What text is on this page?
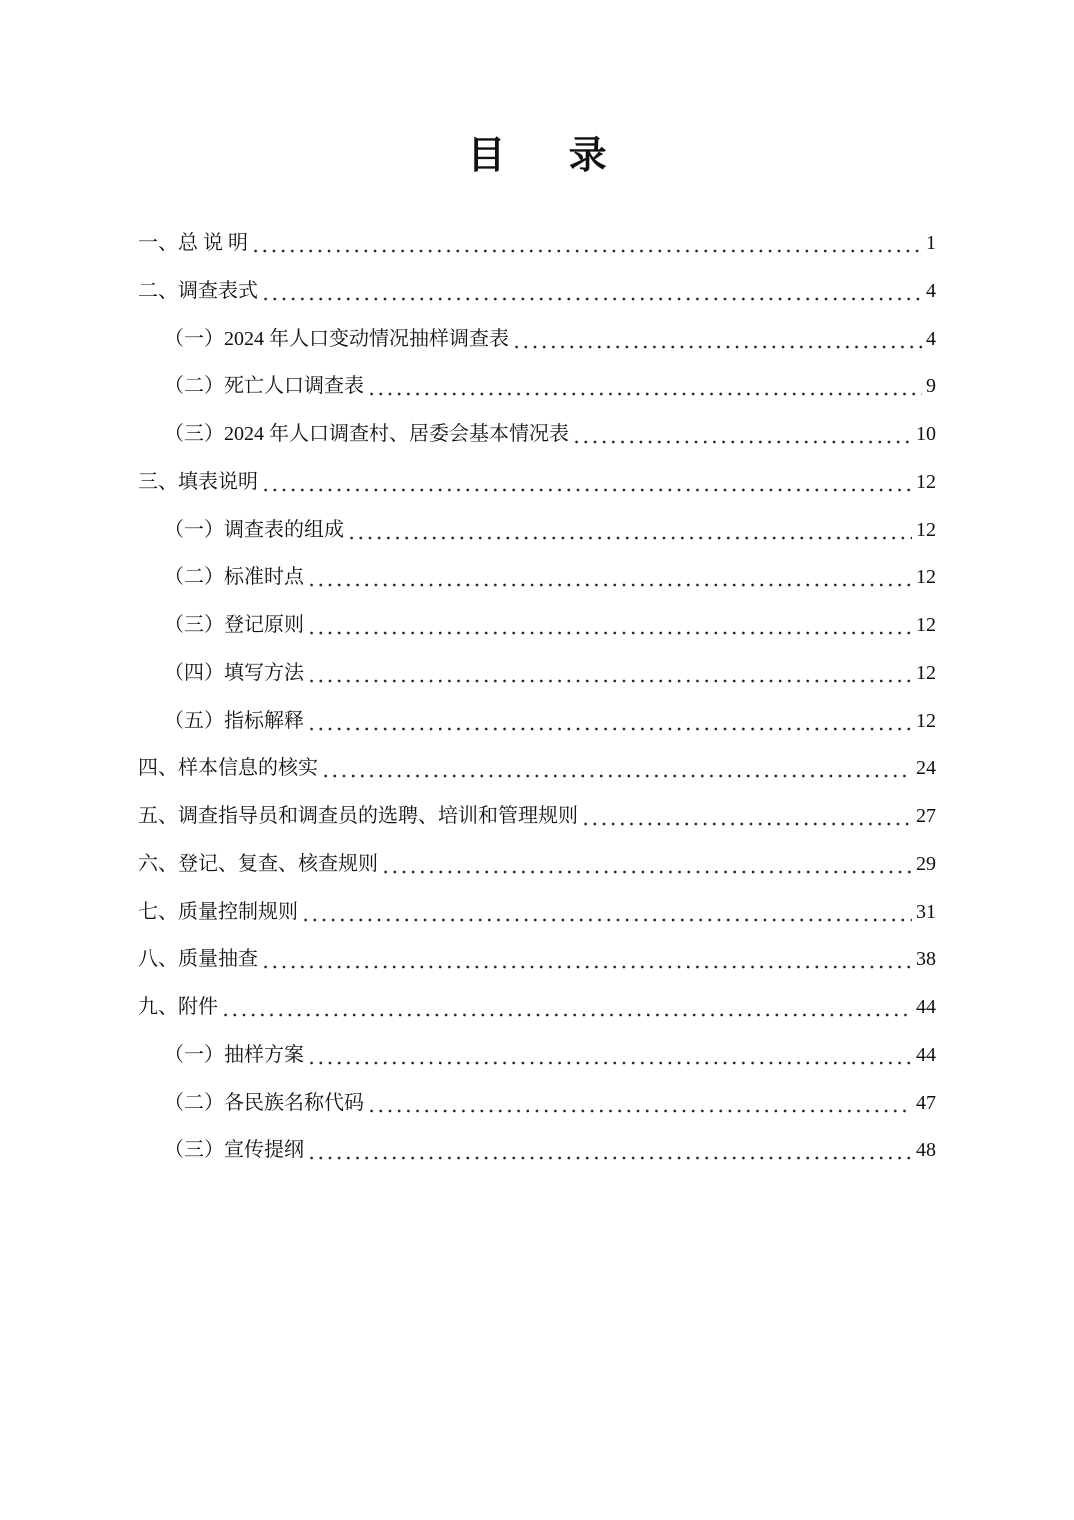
目 录
一、总 说 明	1
二、调查表式	4
（一）2024 年人口变动情况抽样调查表	4
（二）死亡人口调查表	9
（三）2024 年人口调查村、居委会基本情况表	10
三、填表说明	12
（一）调查表的组成	12
（二）标准时点	12
（三）登记原则	12
（四）填写方法	12
（五）指标解释	12
四、样本信息的核实	24
五、调查指导员和调查员的选聘、培训和管理规则	27
六、登记、复查、核查规则	29
七、质量控制规则	31
八、质量抽查	38
九、附件	44
（一）抽样方案	44
（二）各民族名称代码	47
（三）宣传提纲	48
